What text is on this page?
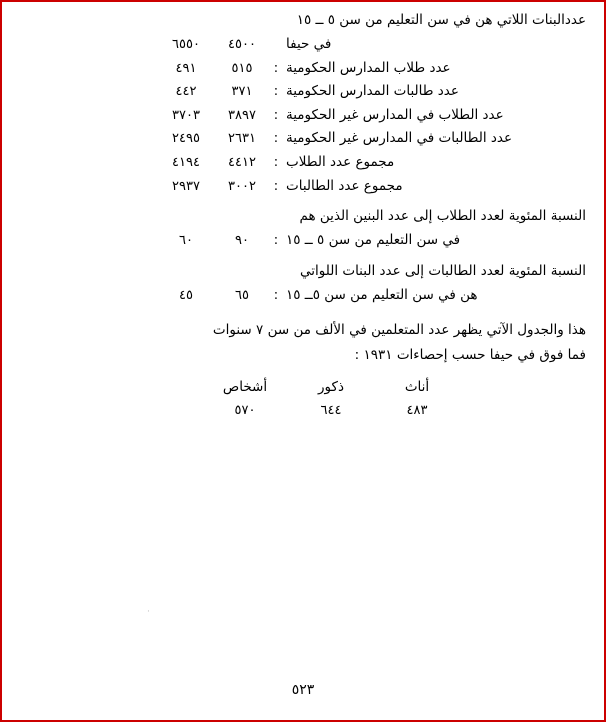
عددالبنات اللاتي هن في سن التعليم من سن ٥ ــ ١٥
في حيفا
٤٥٠٠
٦٥٥٠
عدد طلاب المدارس الحكومية
:
٥١٥
٤٩١
عدد طالبات المدارس الحكومية
:
٣٧١
٤٤٢
عدد الطلاب في المدارس غير الحكومية
:
٣٨٩٧
٣٧٠٣
عدد الطالبات في المدارس غير الحكومية
:
٢٦٣١
٢٤٩٥
مجموع عدد الطلاب
:
٤٤١٢
٤١٩٤
مجموع عدد الطالبات
:
٣٠٠٢
٢٩٣٧
النسبة المئوية لعدد الطلاب إلى عدد البنين الذين هم
في سن التعليم من سن ٥ ــ ١٥
:
٩٠
٦٠
النسبة المئوية لعدد الطالبات إلى عدد البنات اللواتي
هن في سن التعليم من سن ٥ــ ١٥
:
٦٥
٤٥
هذا والجدول الآتي يظهر عدد المتعلمين في الألف من سن ٧ سنوات
فما فوق في حيفا حسب إحصاءات ١٩٣١ :
أناث
ذكور
أشخاص
٤٨٣
٦٤٤
٥٧٠
·
٥٢٣
